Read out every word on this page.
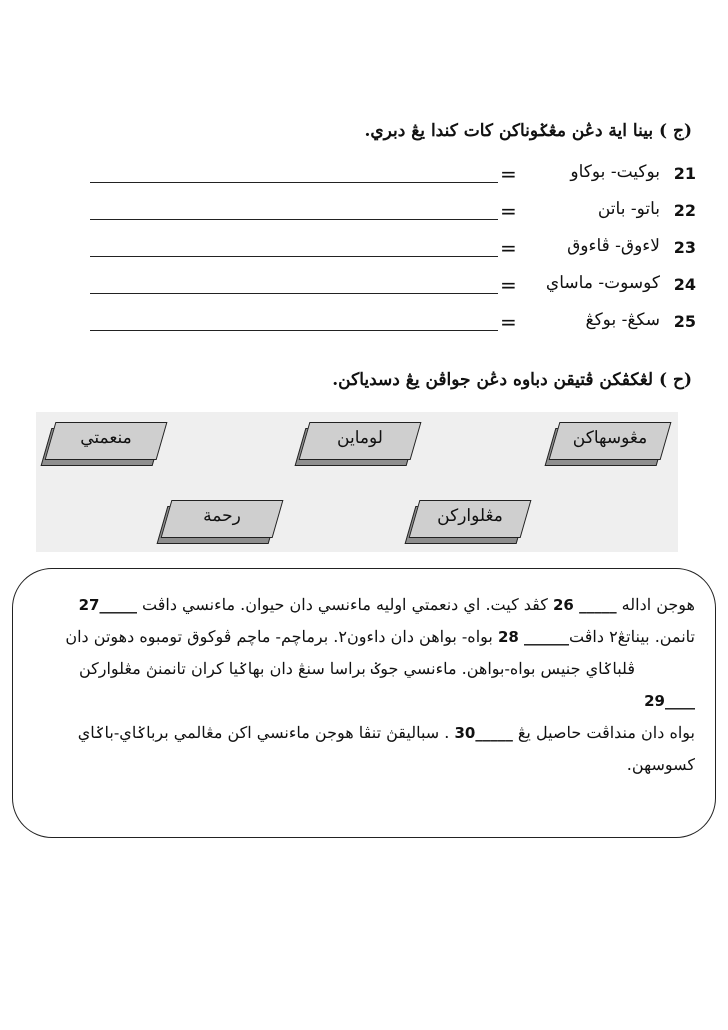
(ج ) بينا اية دڠن مڠݢوناکن کات کندا يڠ دبري.
21
بوکيت- بوکاو
=
22
باتو- باتن
=
23
لاءوق- ڤاءوق
=
24
کوسوت- ماساي
=
25
سکڠ- بوکڠ
=
(ح ) لڠکڤکن ڤتيقن دباوه دڠن جواڤن يڠ دسدياکن.
مڠوسهاکن
لوماين
منعمتي
مڠلوارکن
رحمة
هوجن اداله _____ 26 کڤد کيت. اي دنعمتي اوليه ماءنسي دان حيوان. ماءنسي داڤت _____27
تانمن. بيناتڠ٢ داڤت______ 28 بواه- بواهن دان داءون٢. برماچم- ماچم ڤوکوق تومبوه دهوتن دان
ڤلباݢاي جنيس بواه-بواهن. ماءنسي جوݢ براسا سنڠ دان بهاݢيا کران تانمنڽ مڠلوارکن
____29
بواه دان منداڤت حاصيل يڠ _____30 . سباليقڽ تنڤا هوجن ماءنسي اکن مڠالمي برباݢاي-باݢاي
کسوسهن.
